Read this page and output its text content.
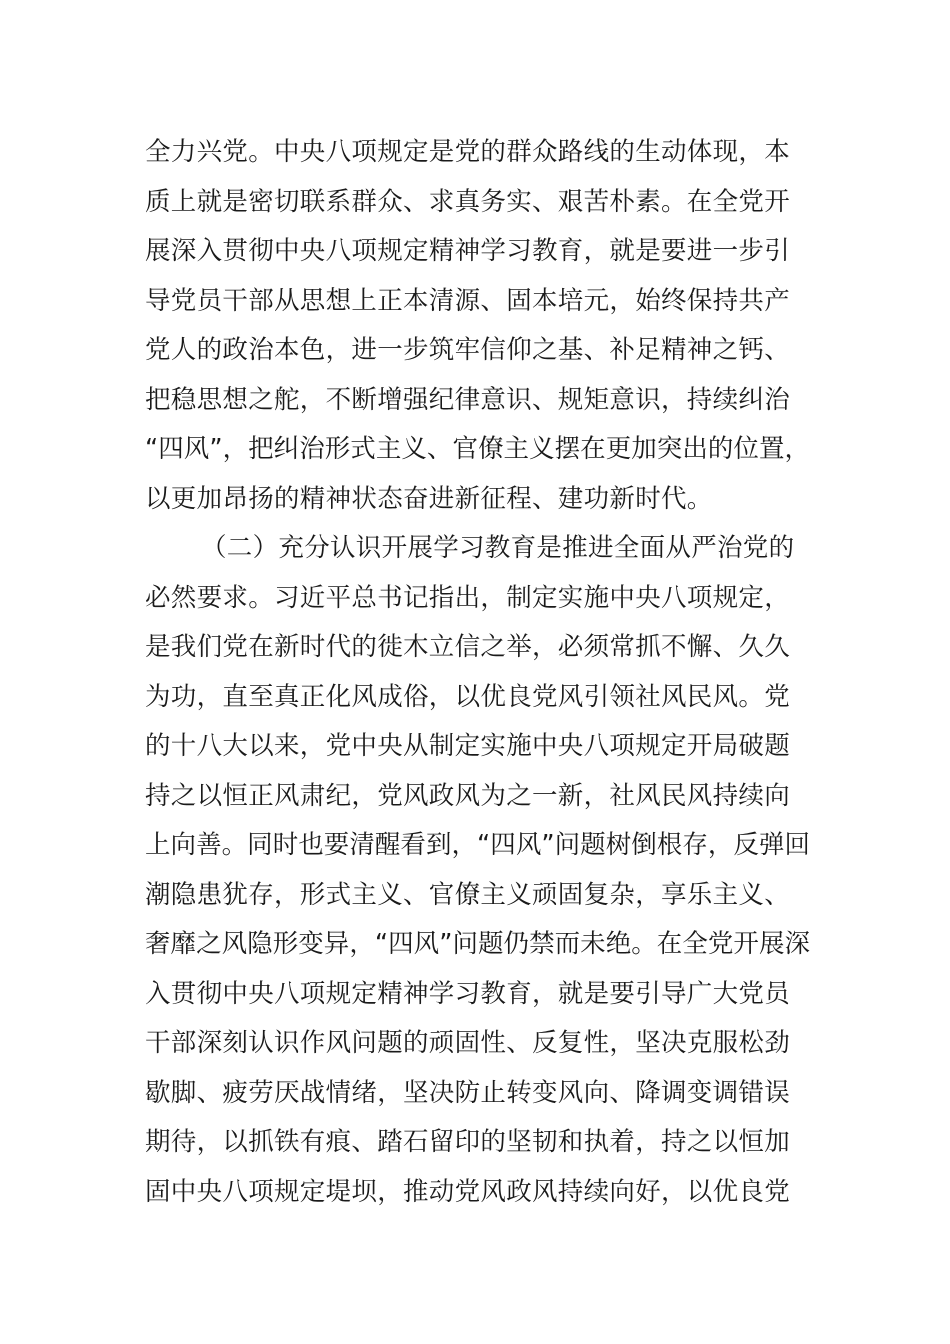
全力兴党。中央八项规定是党的群众路线的生动体现，本
质上就是密切联系群众、求真务实、艰苦朴素。在全党开
展深入贯彻中央八项规定精神学习教育，就是要进一步引
导党员干部从思想上正本清源、固本培元，始终保持共产
党人的政治本色，进一步筑牢信仰之基、补足精神之钙、
把稳思想之舵，不断增强纪律意识、规矩意识，持续纠治
“四风”，把纠治形式主义、官僚主义摆在更加突出的位置，
以更加昂扬的精神状态奋进新征程、建功新时代。
（二）充分认识开展学习教育是推进全面从严治党的
必然要求。习近平总书记指出，制定实施中央八项规定，
是我们党在新时代的徙木立信之举，必须常抓不懈、久久
为功，直至真正化风成俗，以优良党风引领社风民风。党
的十八大以来，党中央从制定实施中央八项规定开局破题
持之以恒正风肃纪，党风政风为之一新，社风民风持续向
上向善。同时也要清醒看到，“四风”问题树倒根存，反弹回
潮隐患犹存，形式主义、官僚主义顽固复杂，享乐主义、
奢靡之风隐形变异，“四风”问题仍禁而未绝。在全党开展深
入贯彻中央八项规定精神学习教育，就是要引导广大党员
干部深刻认识作风问题的顽固性、反复性，坚决克服松劲
歇脚、疲劳厌战情绪，坚决防止转变风向、降调变调错误
期待，以抓铁有痕、踏石留印的坚韧和执着，持之以恒加
固中央八项规定堤坝，推动党风政风持续向好，以优良党
